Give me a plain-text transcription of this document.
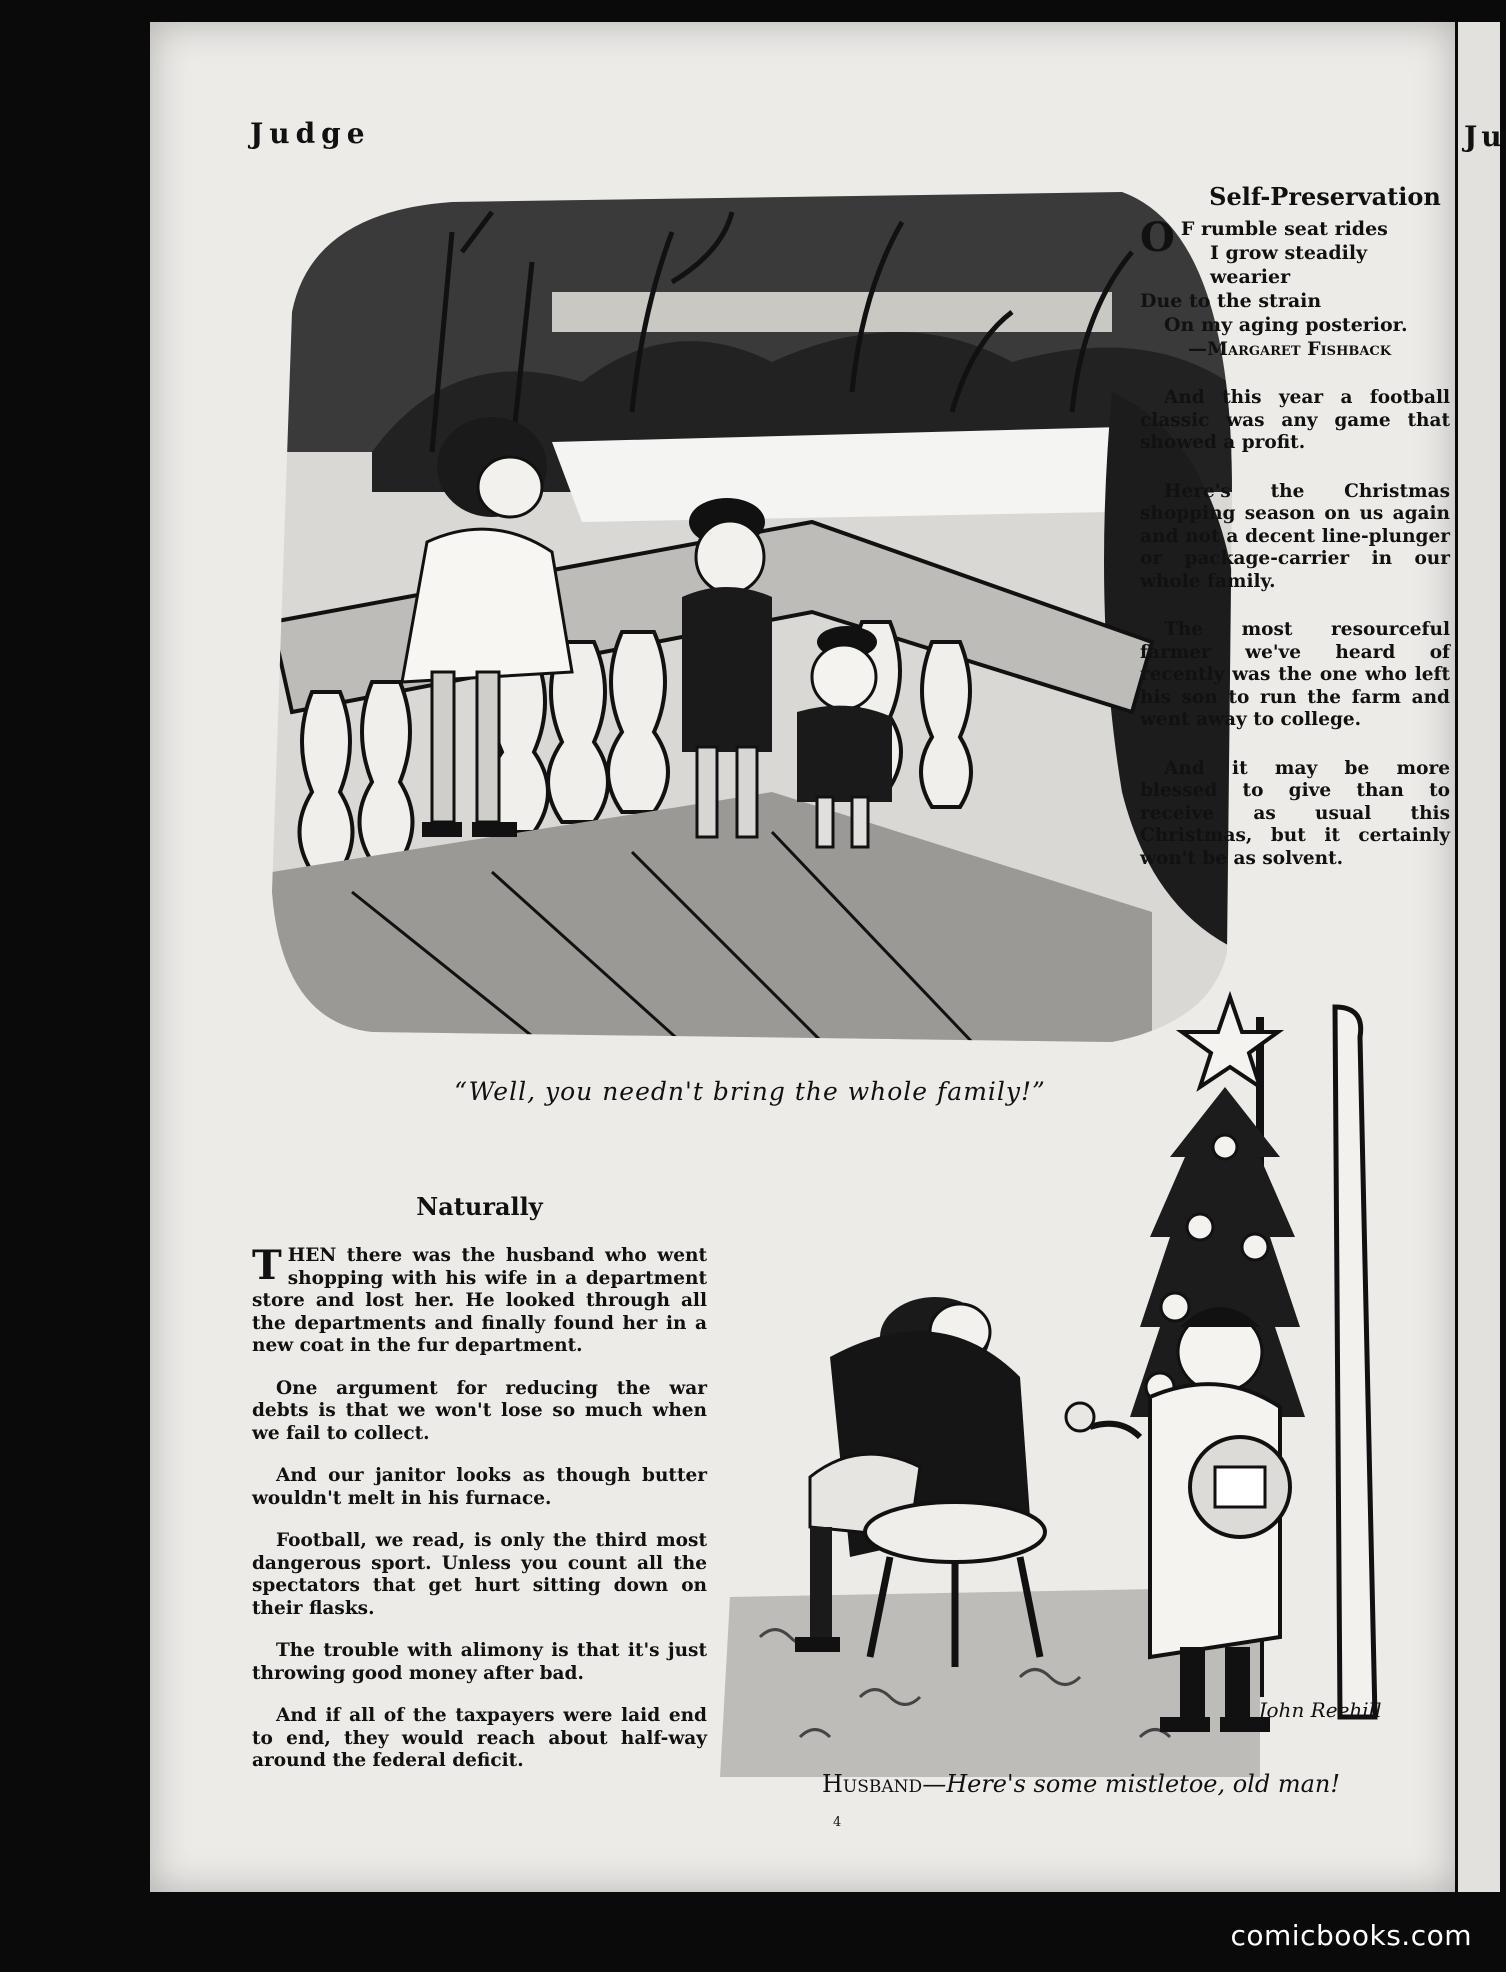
Judge
“Well, you needn't bring the whole family!”
Self-Preservation
O F rumble seat rides
I grow steadily wearier
Due to the strain
On my aging posterior.
—Margaret Fishback

And this year a football classic was any game that showed a profit.

Here's the Christmas shopping season on us again and not a decent line-plunger or package-carrier in our whole family.

The most resourceful farmer we've heard of recently was the one who left his son to run the farm and went away to college.

And it may be more blessed to give than to receive as usual this Christmas, but it certainly won't be as solvent.

Naturally

THEN there was the husband who went shopping with his wife in a department store and lost her. He looked through all the departments and finally found her in a new coat in the fur department.

One argument for reducing the war debts is that we won't lose so much when we fail to collect.

And our janitor looks as though butter wouldn't melt in his furnace.

Football, we read, is only the third most dangerous sport. Unless you count all the spectators that get hurt sitting down on their flasks.

The trouble with alimony is that it's just throwing good money after bad.

And if all of the taxpayers were laid end to end, they would reach about half-way around the federal deficit.

John Reehill
Husband—Here's some mistletoe, old man!
4
Ju
comicbooks.com
